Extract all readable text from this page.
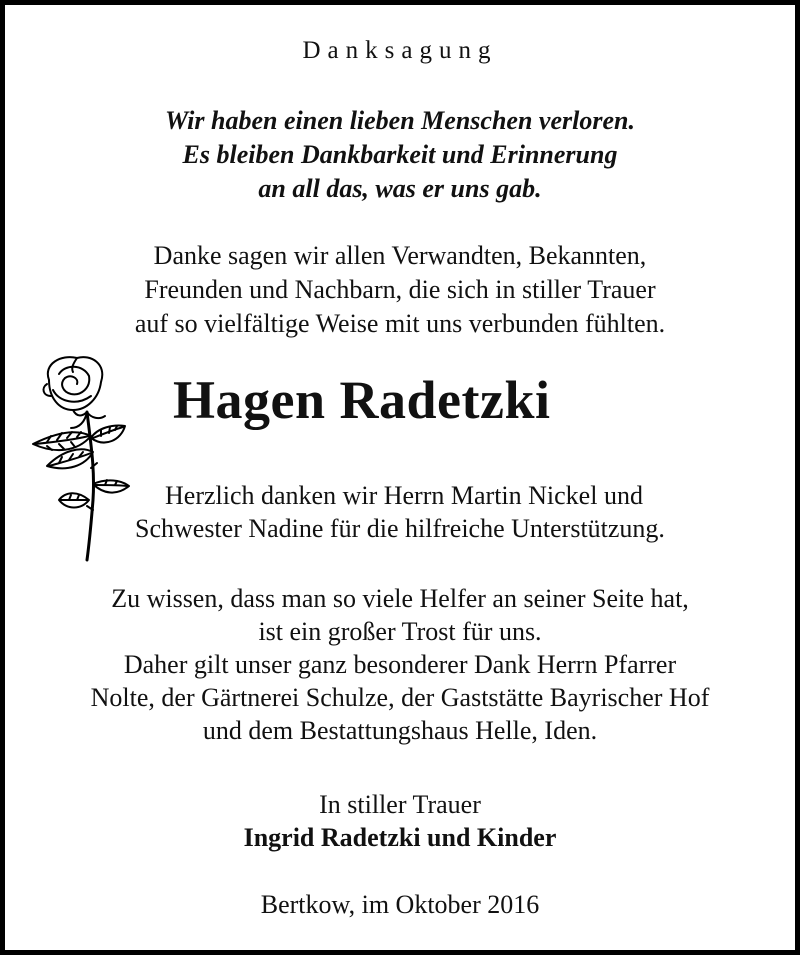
Danksagung
Wir haben einen lieben Menschen verloren.
Es bleiben Dankbarkeit und Erinnerung
an all das, was er uns gab.
Danke sagen wir allen Verwandten, Bekannten,
Freunden und Nachbarn, die sich in stiller Trauer
auf so vielfältige Weise mit uns verbunden fühlten.
Hagen Radetzki
Herzlich danken wir Herrn Martin Nickel und
Schwester Nadine für die hilfreiche Unterstützung.
Zu wissen, dass man so viele Helfer an seiner Seite hat,
ist ein großer Trost für uns.
Daher gilt unser ganz besonderer Dank Herrn Pfarrer
Nolte, der Gärtnerei Schulze, der Gaststätte Bayrischer Hof
und dem Bestattungshaus Helle, Iden.
In stiller Trauer
Ingrid Radetzki und Kinder
Bertkow, im Oktober 2016
